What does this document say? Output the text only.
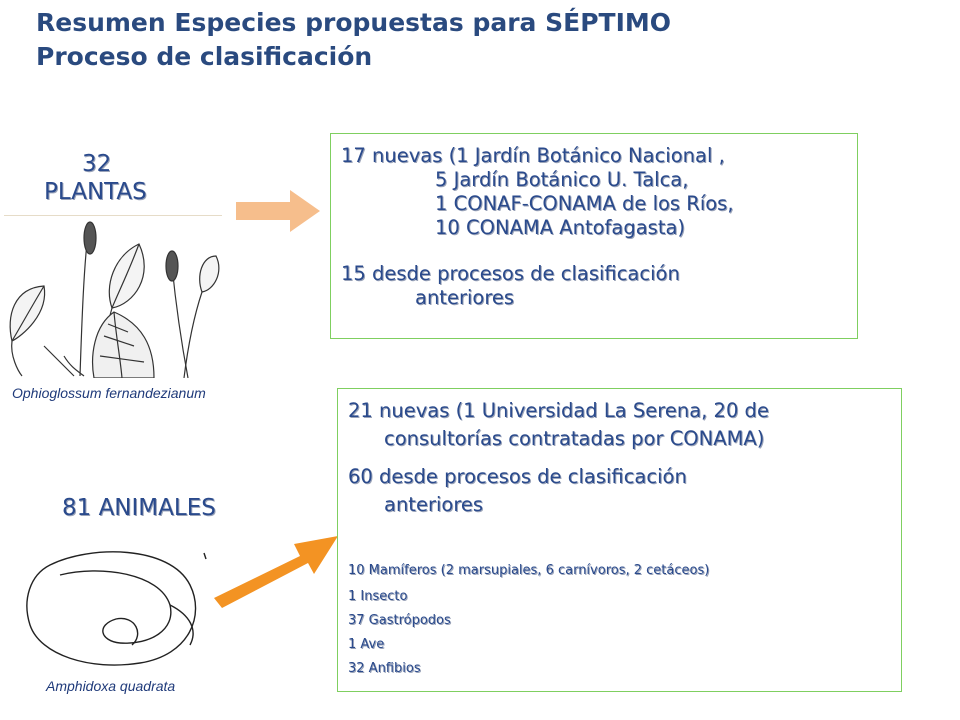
Resumen Especies propuestas para SÉPTIMO
Proceso de clasificación
32
PLANTAS
Ophioglossum fernandezianum
17 nuevas (1 Jardín Botánico Nacional ,
5 Jardín Botánico U. Talca,
1 CONAF-CONAMA de los Ríos,
10 CONAMA Antofagasta)
15 desde procesos de clasificación
anteriores
81 ANIMALES
Amphidoxa quadrata
21 nuevas (1 Universidad La Serena, 20 de
consultorías contratadas por CONAMA)
60 desde procesos de clasificación
anteriores
10 Mamíferos (2 marsupiales, 6 carnívoros, 2 cetáceos)
1 Insecto
37 Gastrópodos
1 Ave
32 Anfibios
